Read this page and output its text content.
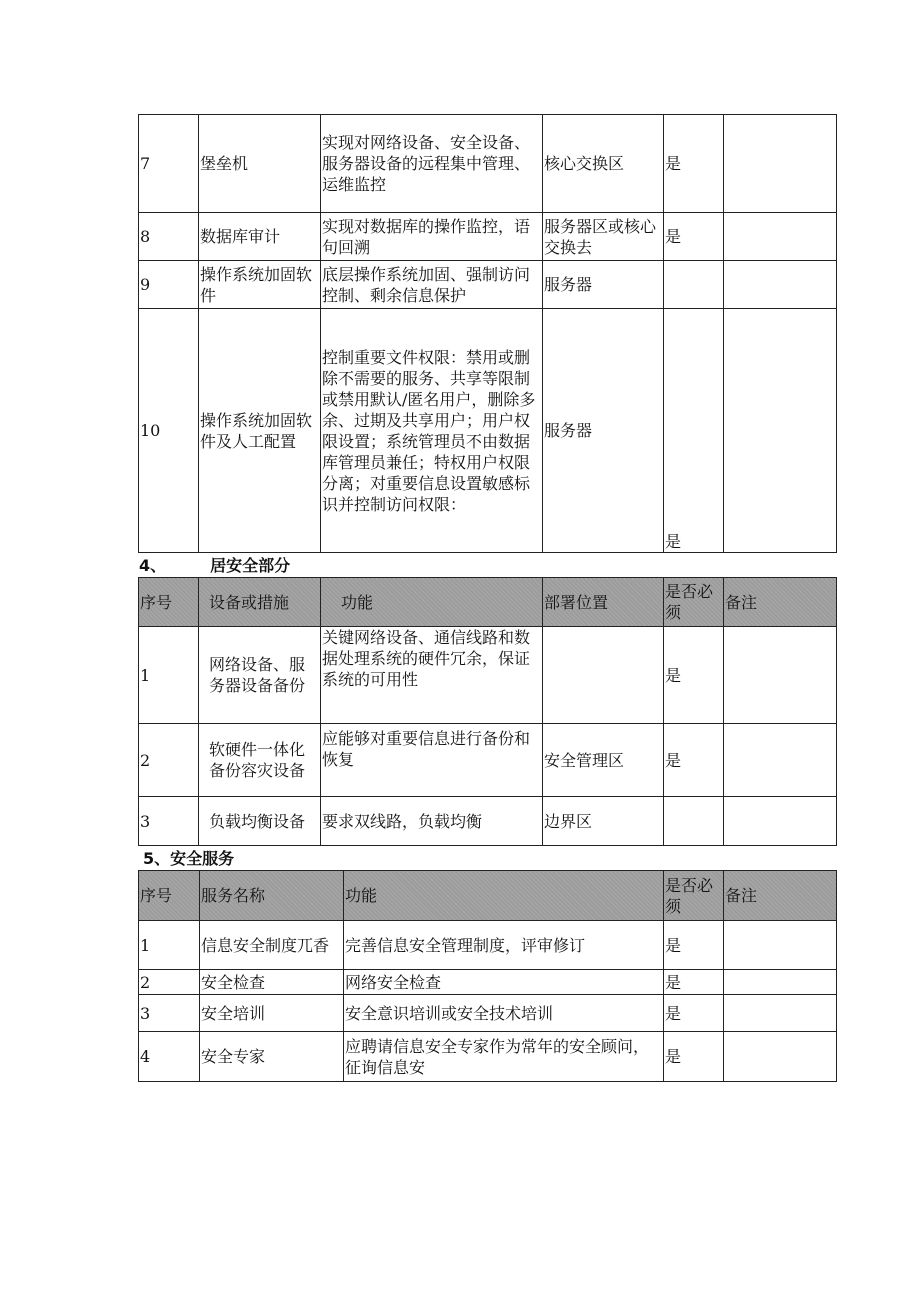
7	堡垒机	实现对网络设备、安全设备、服务器设备的远程集中管理、运维监控	核心交换区	是	
8	数据库审计	实现对数据库的操作监控，语句回溯	服务器区或核心交换去	是	
9	操作系统加固软件	底层操作系统加固、强制访问控制、剩余信息保护	服务器		
10	操作系统加固软件及人工配置	控制重要文件权限：禁用或删除不需要的服务、共享等限制或禁用默认/匿名用户，删除多余、过期及共享用户；用户权限设置；系统管理员不由数据库管理员兼任；特权用户权限分离；对重要信息设置敏感标识并控制访问权限：	服务器	是	
4、	居安全部分
序号	设备或措施	功能	部署位置	是否必须	备注
1	网络设备、服务器设备备份	关键网络设备、通信线路和数据处理系统的硬件冗余，保证系统的可用性		是	
2	软硬件一体化备份容灾设备	应能够对重要信息进行备份和恢复	安全管理区	是	
3	负载均衡设备	要求双线路，负载均衡	边界区		
5、安全服务
序号	服务名称	功能	是否必须	备注
1	信息安全制度兀香	完善信息安全管理制度，评审修订	是	
2	安全检查	网络安全检查	是	
3	安全培训	安全意识培训或安全技术培训	是	
4	安全专家	应聘请信息安全专家作为常年的安全顾问，征询信息安	是	
